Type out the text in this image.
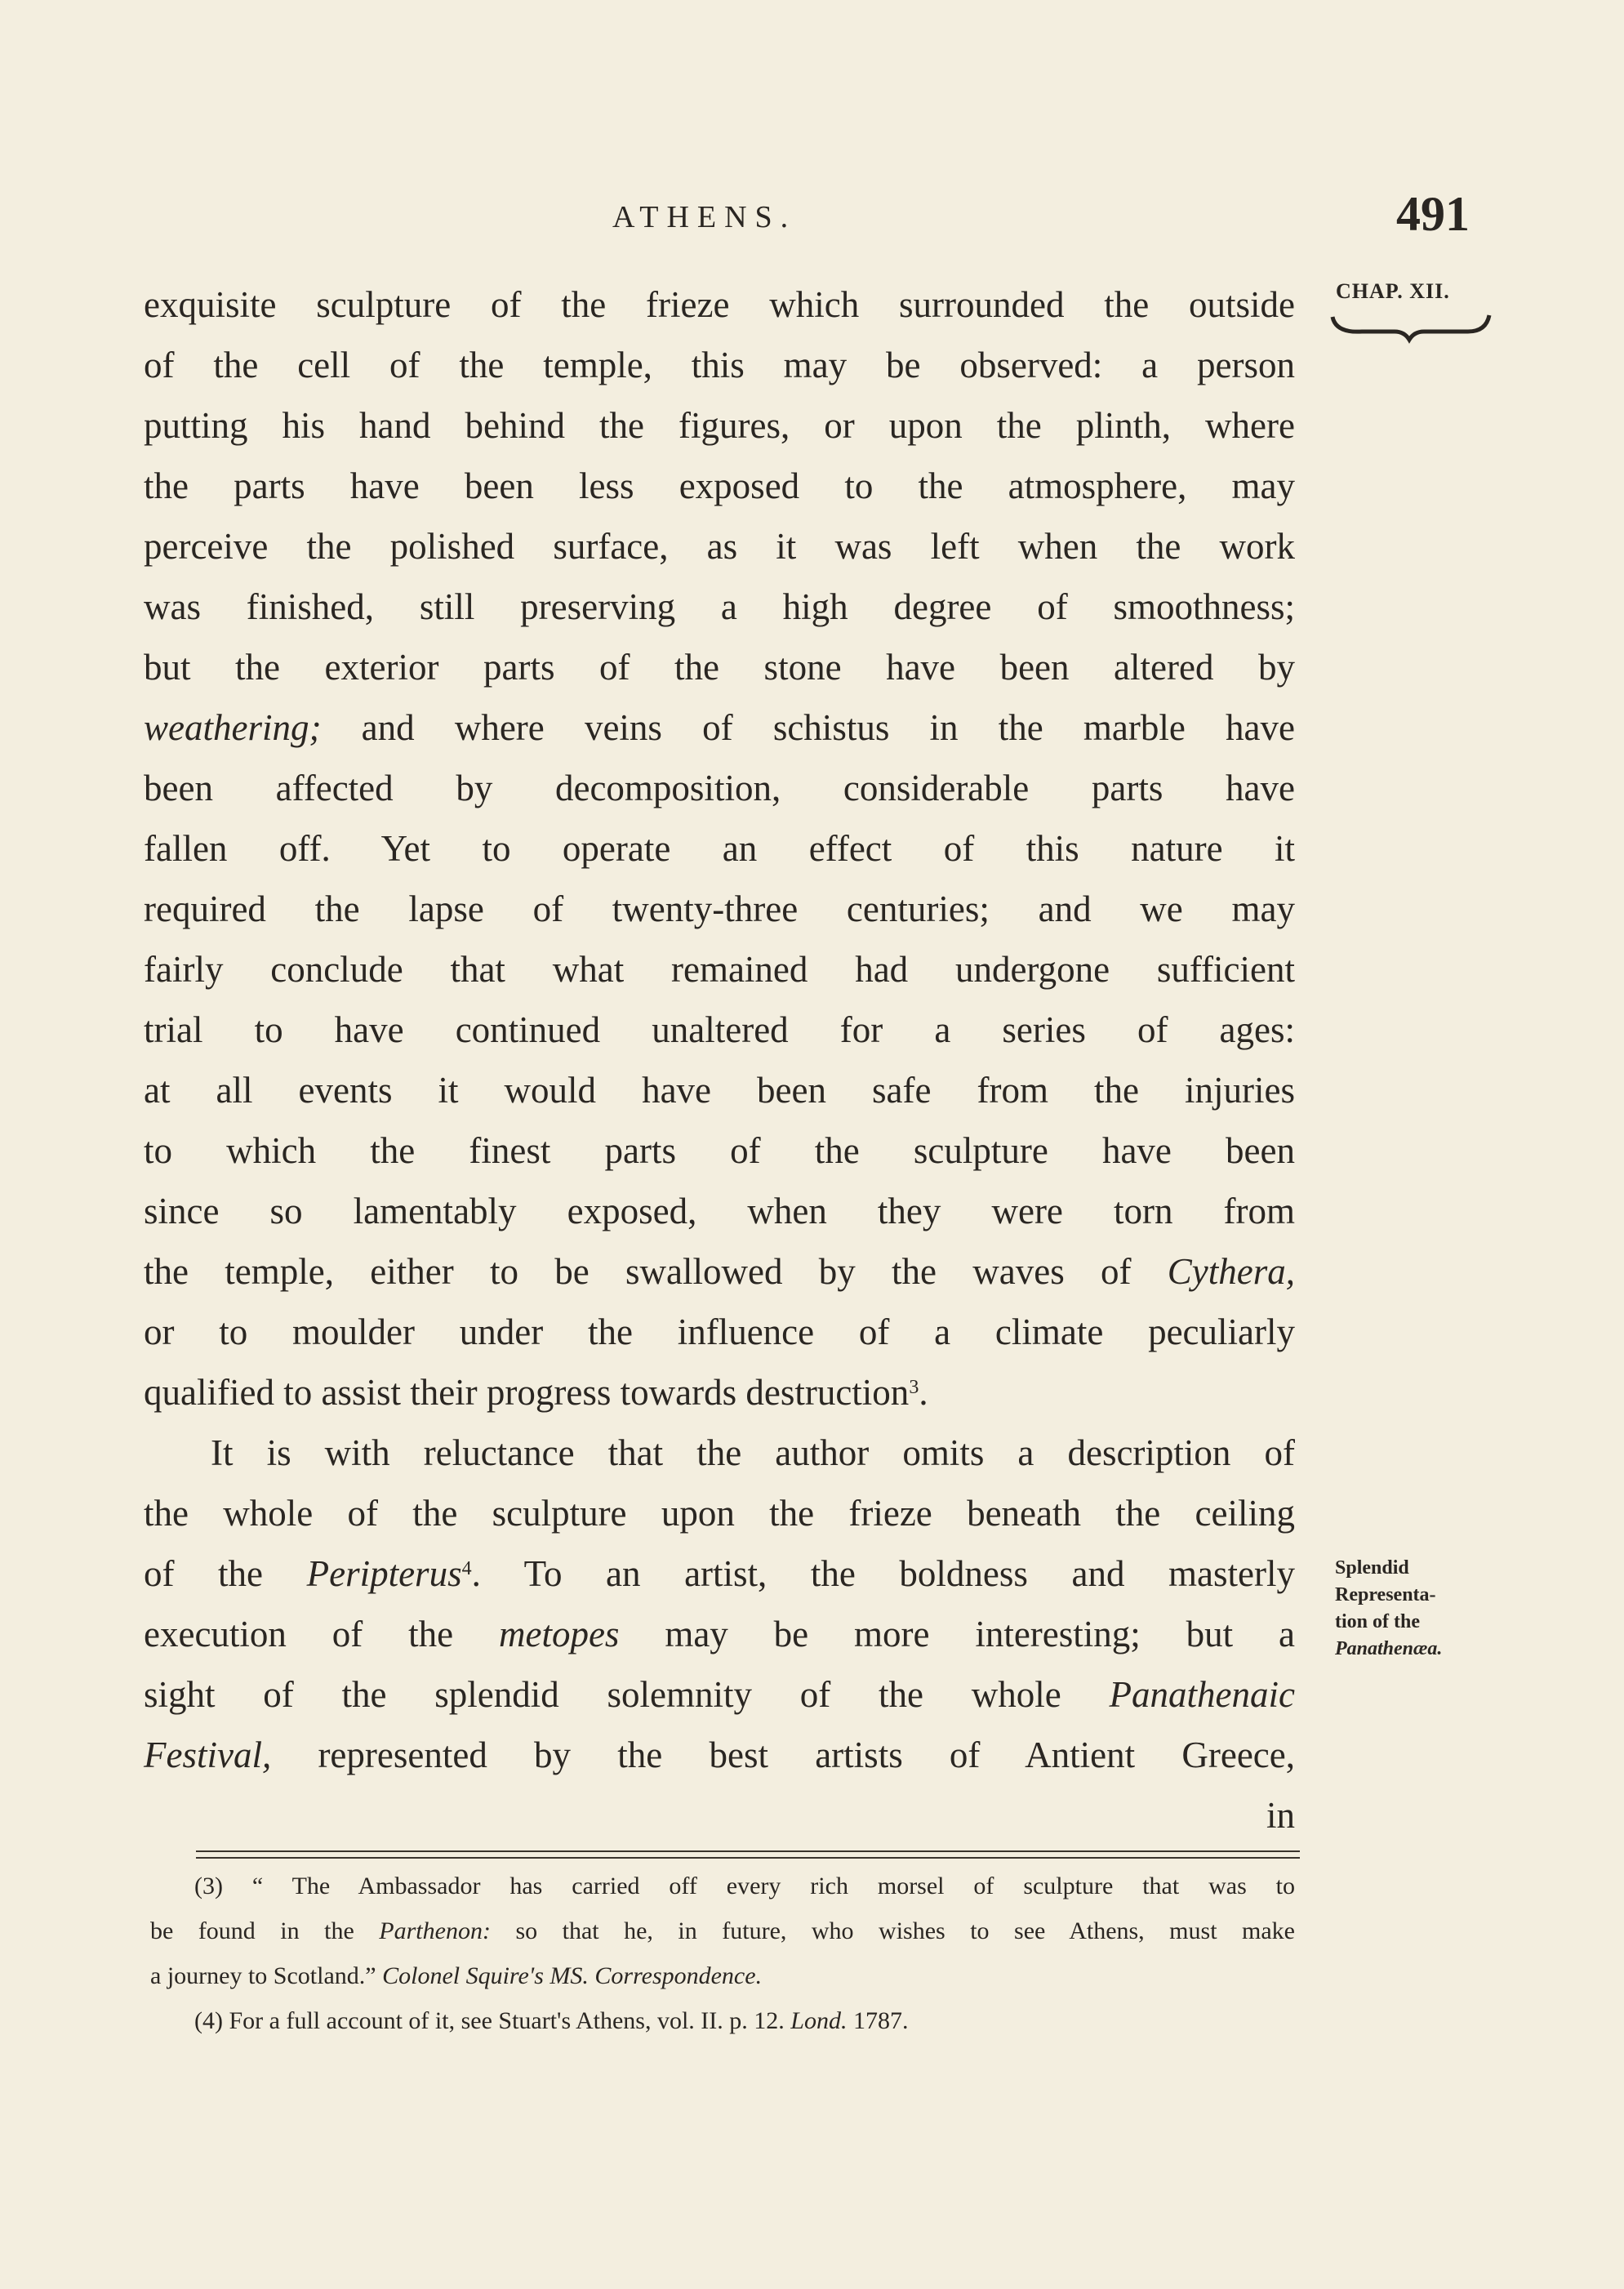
ATHENS.	491
CHAP. XII.
exquisite sculpture of the frieze which surrounded the outside
of the cell of the temple, this may be observed: a person
putting his hand behind the figures, or upon the plinth, where
the parts have been less exposed to the atmosphere, may
perceive the polished surface, as it was left when the work
was finished, still preserving a high degree of smoothness;
but the exterior parts of the stone have been altered by
weathering; and where veins of schistus in the marble have
been affected by decomposition, considerable parts have
fallen off. Yet to operate an effect of this nature it
required the lapse of twenty-three centuries; and we may
fairly conclude that what remained had undergone sufficient
trial to have continued unaltered for a series of ages:
at all events it would have been safe from the injuries
to which the finest parts of the sculpture have been
since so lamentably exposed, when they were torn from
the temple, either to be swallowed by the waves of Cythera,
or to moulder under the influence of a climate peculiarly
qualified to assist their progress towards destruction$^3$.
It is with reluctance that the author omits a description of
the whole of the sculpture upon the frieze beneath the ceiling
of the Peripterus$^4$. To an artist, the boldness and masterly
execution of the metopes may be more interesting; but a
sight of the splendid solemnity of the whole Panathenaic
Festival, represented by the best artists of Antient Greece,
in
Splendid
Representa-
tion of the
Panathenæa.
(3) “ The Ambassador has carried off every rich morsel of sculpture that was to
be found in the Parthenon: so that he, in future, who wishes to see Athens, must make
a journey to Scotland.” Colonel Squire's MS. Correspondence.
(4) For a full account of it, see Stuart's Athens, vol. II. p. 12. Lond. 1787.
